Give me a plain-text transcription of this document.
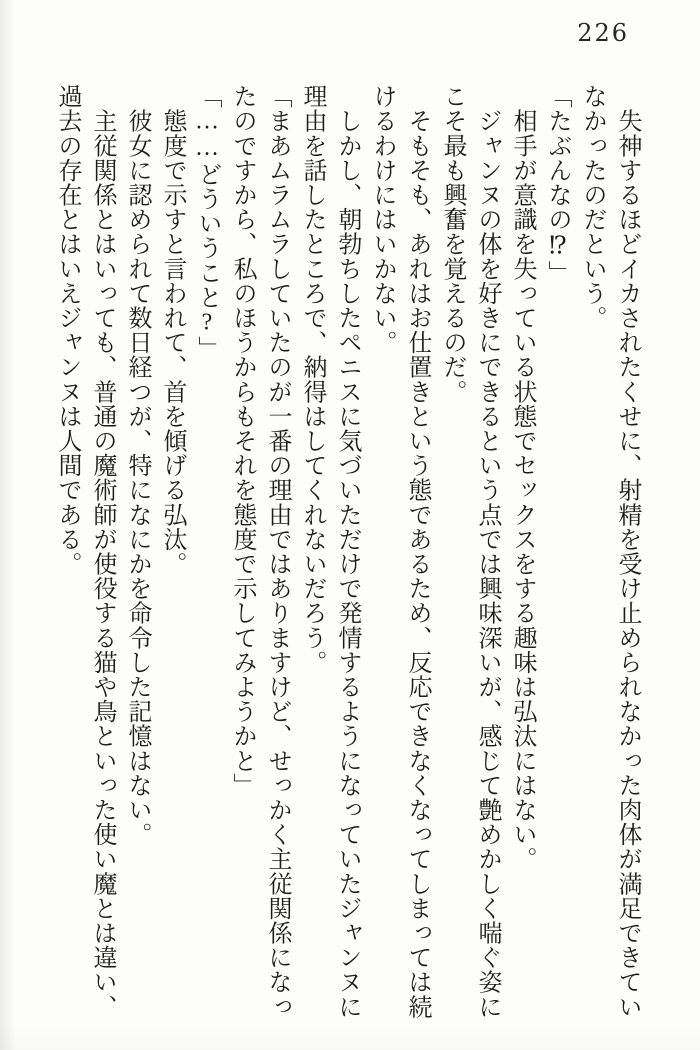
226

　失神するほどイカされたくせに、射精を受け止められなかった肉体が満足できていなかったのだという。

「たぶんなの⁉」

　相手が意識を失っている状態でセックスをする趣味は弘汰にはない。

　ジャンヌの体を好きにできるという点では興味深いが、感じて艶めかしく喘ぐ姿にこそ最も興奮を覚えるのだ。

　そもそも、あれはお仕置きという態であるため、反応できなくなってしまっては続けるわけにはいかない。

　しかし、朝勃ちしたペニスに気づいただけで発情するようになっていたジャンヌに理由を話したところで、納得はしてくれないだろう。

「まあムラムラしていたのが一番の理由ではありますけど、せっかく主従関係になったのですから、私のほうからもそれを態度で示してみようかと」

「……どういうこと?」

　態度で示すと言われて、首を傾げる弘汰。

　彼女に認められて数日経つが、特になにかを命令した記憶はない。

　主従関係とはいっても、普通の魔術師が使役する猫や鳥といった使い魔とは違い、過去の存在とはいえジャンヌは人間である。
